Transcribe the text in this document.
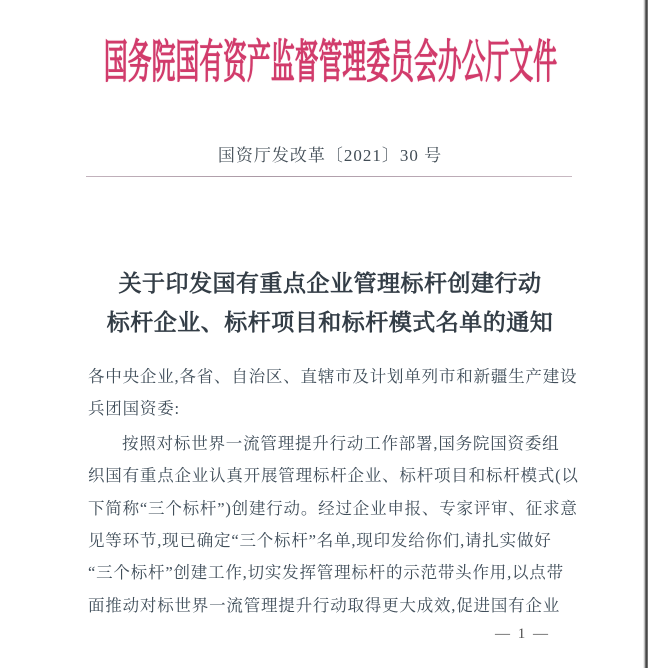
国务院国有资产监督管理委员会办公厅文件
国资厅发改革〔2021〕30 号
关于印发国有重点企业管理标杆创建行动
标杆企业、标杆项目和标杆模式名单的通知
各中央企业,各省、自治区、直辖市及计划单列市和新疆生产建设
兵团国资委:
按照对标世界一流管理提升行动工作部署,国务院国资委组
织国有重点企业认真开展管理标杆企业、标杆项目和标杆模式(以
下简称“三个标杆”)创建行动。经过企业申报、专家评审、征求意
见等环节,现已确定“三个标杆”名单,现印发给你们,请扎实做好
“三个标杆”创建工作,切实发挥管理标杆的示范带头作用,以点带
面推动对标世界一流管理提升行动取得更大成效,促进国有企业
— 1 —
